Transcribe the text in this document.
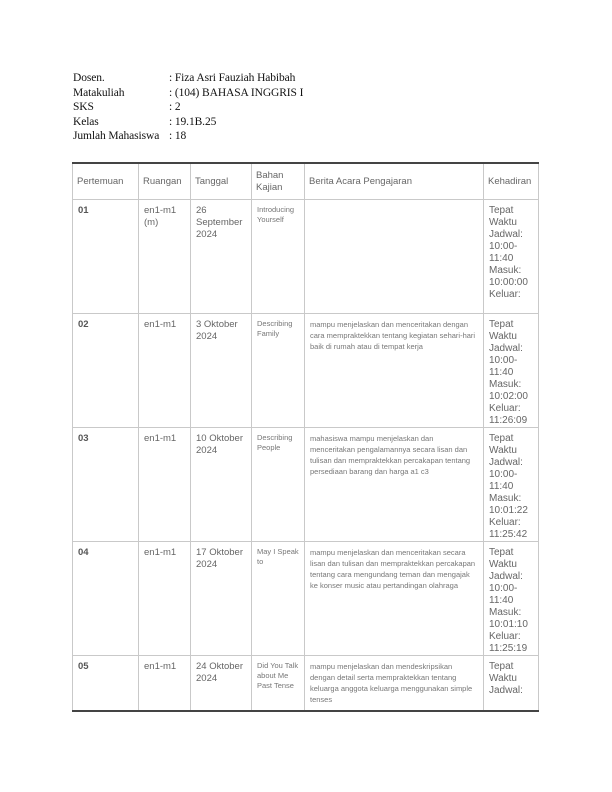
Dosen.	: Fiza Asri Fauziah Habibah
Matakuliah	: (104) BAHASA INGGRIS I
SKS	: 2
Kelas	: 19.1B.25
Jumlah Mahasiswa : 18
Pertemuan	Ruangan	Tanggal	Bahan Kajian	Berita Acara Pengajaran	Kehadiran
01	en1-m1 (m)	26 September 2024	Introducing Yourself		Tepat Waktu Jadwal: 10:00-11:40 Masuk: 10:00:00 Keluar:
02	en1-m1	3 Oktober 2024	Describing Family	mampu menjelaskan dan menceritakan dengan cara mempraktekkan tentang kegiatan sehari-hari baik di rumah atau di tempat kerja	Tepat Waktu Jadwal: 10:00-11:40 Masuk: 10:02:00 Keluar: 11:26:09
03	en1-m1	10 Oktober 2024	Describing People	mahasiswa mampu menjelaskan dan menceritakan pengalamannya secara lisan dan tulisan dan mempraktekkan percakapan tentang persediaan barang dan harga a1 c3	Tepat Waktu Jadwal: 10:00-11:40 Masuk: 10:01:22 Keluar: 11:25:42
04	en1-m1	17 Oktober 2024	May I Speak to	mampu menjelaskan dan menceritakan secara lisan dan tulisan dan mempraktekkan percakapan tentang cara mengundang teman dan mengajak ke konser music atau pertandingan olahraga	Tepat Waktu Jadwal: 10:00-11:40 Masuk: 10:01:10 Keluar: 11:25:19
05	en1-m1	24 Oktober 2024	Did You Talk about Me Past Tense	mampu menjelaskan dan mendeskripsikan dengan detail serta mempraktekkan tentang keluarga anggota keluarga menggunakan simple tenses	Tepat Waktu Jadwal:
